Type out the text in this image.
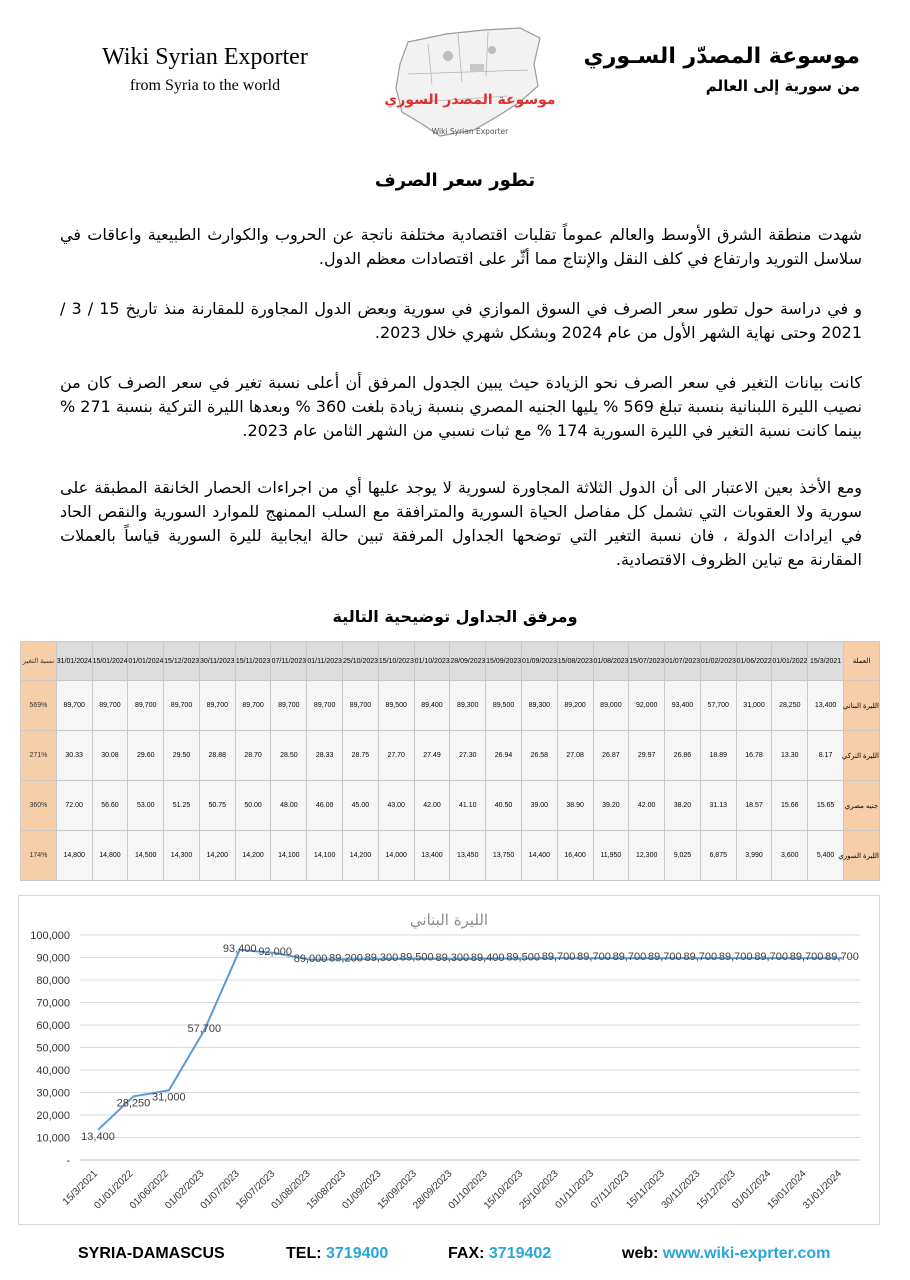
Wiki Syrian Exporter
from Syria to the world
موسوعة المصدر السوري
Wiki Syrian Exporter
موسوعة المصدّر السـوري
من سورية إلى العالم
تطور سعر الصرف
شهدت منطقة الشرق الأوسط والعالم عموماً تقلبات اقتصادية مختلفة ناتجة عن الحروب والكوارث الطبيعية واعاقات في سلاسل التوريد وارتفاع في كلف النقل والإنتاج مما أثّر على اقتصادات معظم الدول.
و في دراسة حول تطور سعر الصرف في السوق الموازي في سورية وبعض الدول المجاورة للمقارنة منذ تاريخ 15 / 3 / 2021 وحتى نهاية الشهر الأول من عام 2024 وبشكل شهري خلال 2023.
كانت بيانات التغير في سعر الصرف نحو الزيادة حيث يبين الجدول المرفق أن أعلى نسبة تغير في سعر الصرف كان من نصيب الليرة اللبنانية بنسبة تبلغ 569 % يليها الجنيه المصري بنسبة زيادة بلغت 360 % وبعدها الليرة التركية بنسبة 271 % بينما كانت نسبة التغير في الليرة السورية 174 % مع ثبات نسبي من الشهر الثامن عام 2023.
ومع الأخذ بعين الاعتبار الى أن الدول الثلاثة المجاورة لسورية لا يوجد عليها أي من اجراءات الحصار الخانقة المطبقة على سورية ولا العقوبات التي تشمل كل مفاصل الحياة السورية والمترافقة مع السلب الممنهج للموارد السورية والنقص الحاد في ايرادات الدولة ، فان نسبة التغير التي توضحها الجداول المرفقة تبين حالة ايجابية لليرة السورية قياساً بالعملات المقارنة مع تباين الظروف الاقتصادية.
ومرفق الجداول توضيحية التالية
نسبة التغير	31/01/2024	15/01/2024	01/01/2024	15/12/2023	30/11/2023	15/11/2023	07/11/2023	01/11/2023	25/10/2023	15/10/2023	01/10/2023	28/09/2023	15/09/2023	01/09/2023	15/08/2023	01/08/2023	15/07/2023	01/07/2023	01/02/2023	01/06/2022	01/01/2022	15/3/2021	العملة
569%	89,700	89,700	89,700	89,700	89,700	89,700	89,700	89,700	89,700	89,500	89,400	89,300	89,500	89,300	89,200	89,000	92,000	93,400	57,700	31,000	28,250	13,400	الليرة البناني
271%	30.33	30.08	29.60	29.50	28.88	28.70	28.50	28.33	28.75	27.70	27.49	27.30	26.94	26.58	27.08	26.87	29.97	26.86	18.89	16.78	13.30	8.17	الليرة التركي
360%	72.00	56.60	53.00	51.25	50.75	50.00	48.00	46.00	45.00	43.00	42.00	41.10	40.50	39.00	38.90	39.20	42.00	38.20	31.13	18.57	15.66	15.65	جنيه مصري
174%	14,800	14,800	14,500	14,300	14,200	14,200	14,100	14,100	14,200	14,000	13,400	13,450	13,750	14,400	16,400	11,950	12,300	9,025	6,875	3,990	3,600	5,400	الليرة السوري
الليرة البناني
-
10,000
20,000
30,000
40,000
50,000
60,000
70,000
80,000
90,000
100,000
13,400
28,250
31,000
57,700
93,400 92,000
89,000 89,200 89,300 89,500 89,300 89,400 89,500 89,700 89,700 89,700 89,700 89,700 89,700 89,700 89,700 89,700
15/3/2021
01/01/2022
01/06/2022
01/02/2023
01/07/2023
15/07/2023
01/08/2023
15/08/2023
01/09/2023
15/09/2023
28/09/2023
01/10/2023
15/10/2023
25/10/2023
01/11/2023
07/11/2023
15/11/2023
30/11/2023
15/12/2023
01/01/2024
15/01/2024
31/01/2024
SYRIA-DAMASCUS	TEL: 3719400	FAX: 3719402	web: www.wiki-exprter.com
